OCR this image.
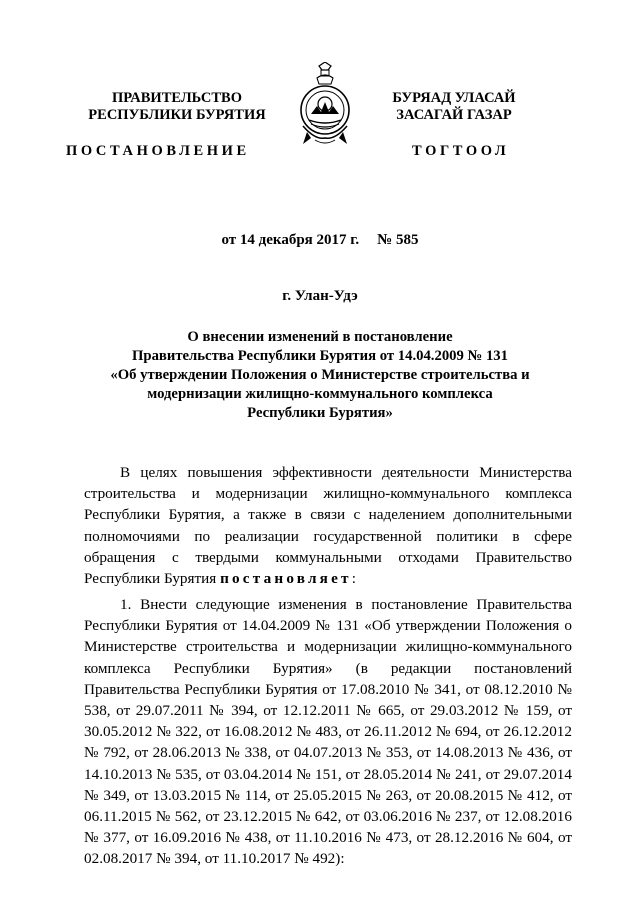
ПРАВИТЕЛЬСТВО
РЕСПУБЛИКИ БУРЯТИЯ
БУРЯАД УЛАСАЙ
ЗАСАГАЙ ГАЗАР
ПОСТАНОВЛЕНИЕ	ТОГТООЛ
от 14 декабря 2017 г. № 585
г. Улан-Удэ
О внесении изменений в постановление
Правительства Республики Бурятия от 14.04.2009 № 131
«Об утверждении Положения о Министерстве строительства и
модернизации жилищно-коммунального комплекса
Республики Бурятия»
В целях повышения эффективности деятельности Министерства строительства и модернизации жилищно-коммунального комплекса Республики Бурятия, а также в связи с наделением дополнительными полномочиями по реализации государственной политики в сфере обращения с твердыми коммунальными отходами Правительство Республики Бурятия постановляет:
1. Внести следующие изменения в постановление Правительства Республики Бурятия от 14.04.2009 № 131 «Об утверждении Положения о Министерстве строительства и модернизации жилищно-коммунального комплекса Республики Бурятия» (в редакции постановлений Правительства Республики Бурятия от 17.08.2010 № 341, от 08.12.2010 № 538, от 29.07.2011 № 394, от 12.12.2011 № 665, от 29.03.2012 № 159, от 30.05.2012 № 322, от 16.08.2012 № 483, от 26.11.2012 № 694, от 26.12.2012 № 792, от 28.06.2013 № 338, от 04.07.2013 № 353, от 14.08.2013 № 436, от 14.10.2013 № 535, от 03.04.2014 № 151, от 28.05.2014 № 241, от 29.07.2014 № 349, от 13.03.2015 № 114, от 25.05.2015 № 263, от 20.08.2015 № 412, от 06.11.2015 № 562, от 23.12.2015 № 642, от 03.06.2016 № 237, от 12.08.2016 № 377, от 16.09.2016 № 438, от 11.10.2016 № 473, от 28.12.2016 № 604, от 02.08.2017 № 394, от 11.10.2017 № 492):
